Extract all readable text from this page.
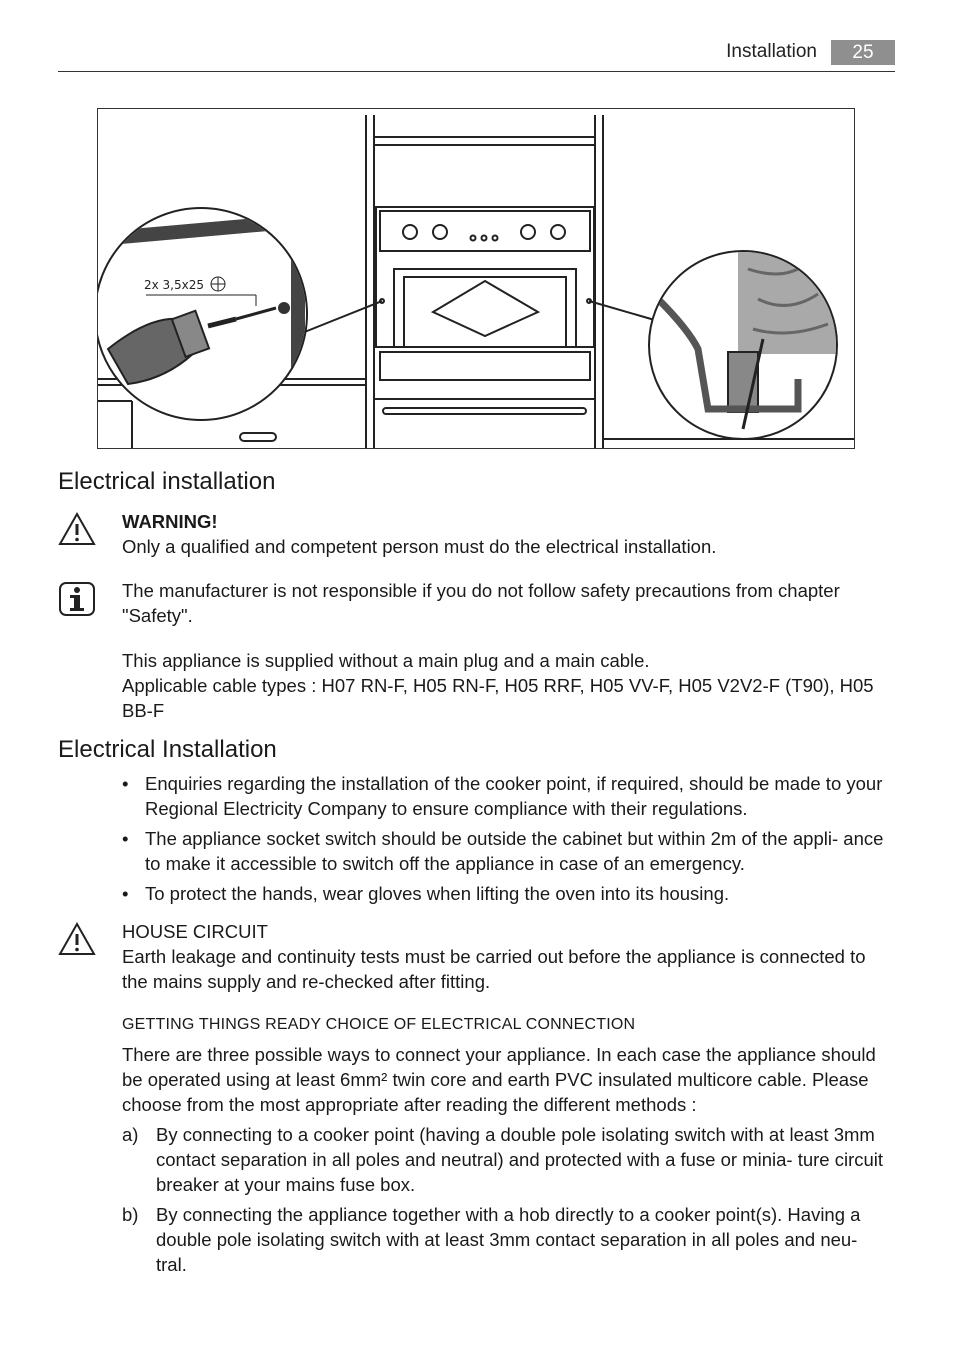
Installation	25
2x 3,5x25
Electrical installation

WARNING!

Only a qualified and competent person must do the electrical installation.

The manufacturer is not responsible if you do not follow safety precautions from chapter "Safety".

This appliance is supplied without a main plug and a main cable.

Applicable cable types : H07 RN-F, H05 RN-F, H05 RRF, H05 VV-F, H05 V2V2-F (T90), H05 BB-F

Electrical Installation
• Enquiries regarding the installation of the cooker point, if required, should be made to your Regional Electricity Company to ensure compliance with their regulations.
• The appliance socket switch should be outside the cabinet but within 2m of the appli- ance to make it accessible to switch off the appliance in case of an emergency.
• To protect the hands, wear gloves when lifting the oven into its housing.

HOUSE CIRCUIT

Earth leakage and continuity tests must be carried out before the appliance is connected to the mains supply and re-checked after fitting.

GETTING THINGS READY CHOICE OF ELECTRICAL CONNECTION
There are three possible ways to connect your appliance. In each case the appliance should be operated using at least 6mm² twin core and earth PVC insulated multicore cable. Please choose from the most appropriate after reading the different methods :
a) By connecting to a cooker point (having a double pole isolating switch with at least 3mm contact separation in all poles and neutral) and protected with a fuse or minia- ture circuit breaker at your mains fuse box.
b) By connecting the appliance together with a hob directly to a cooker point(s). Having a double pole isolating switch with at least 3mm contact separation in all poles and neu- tral.
